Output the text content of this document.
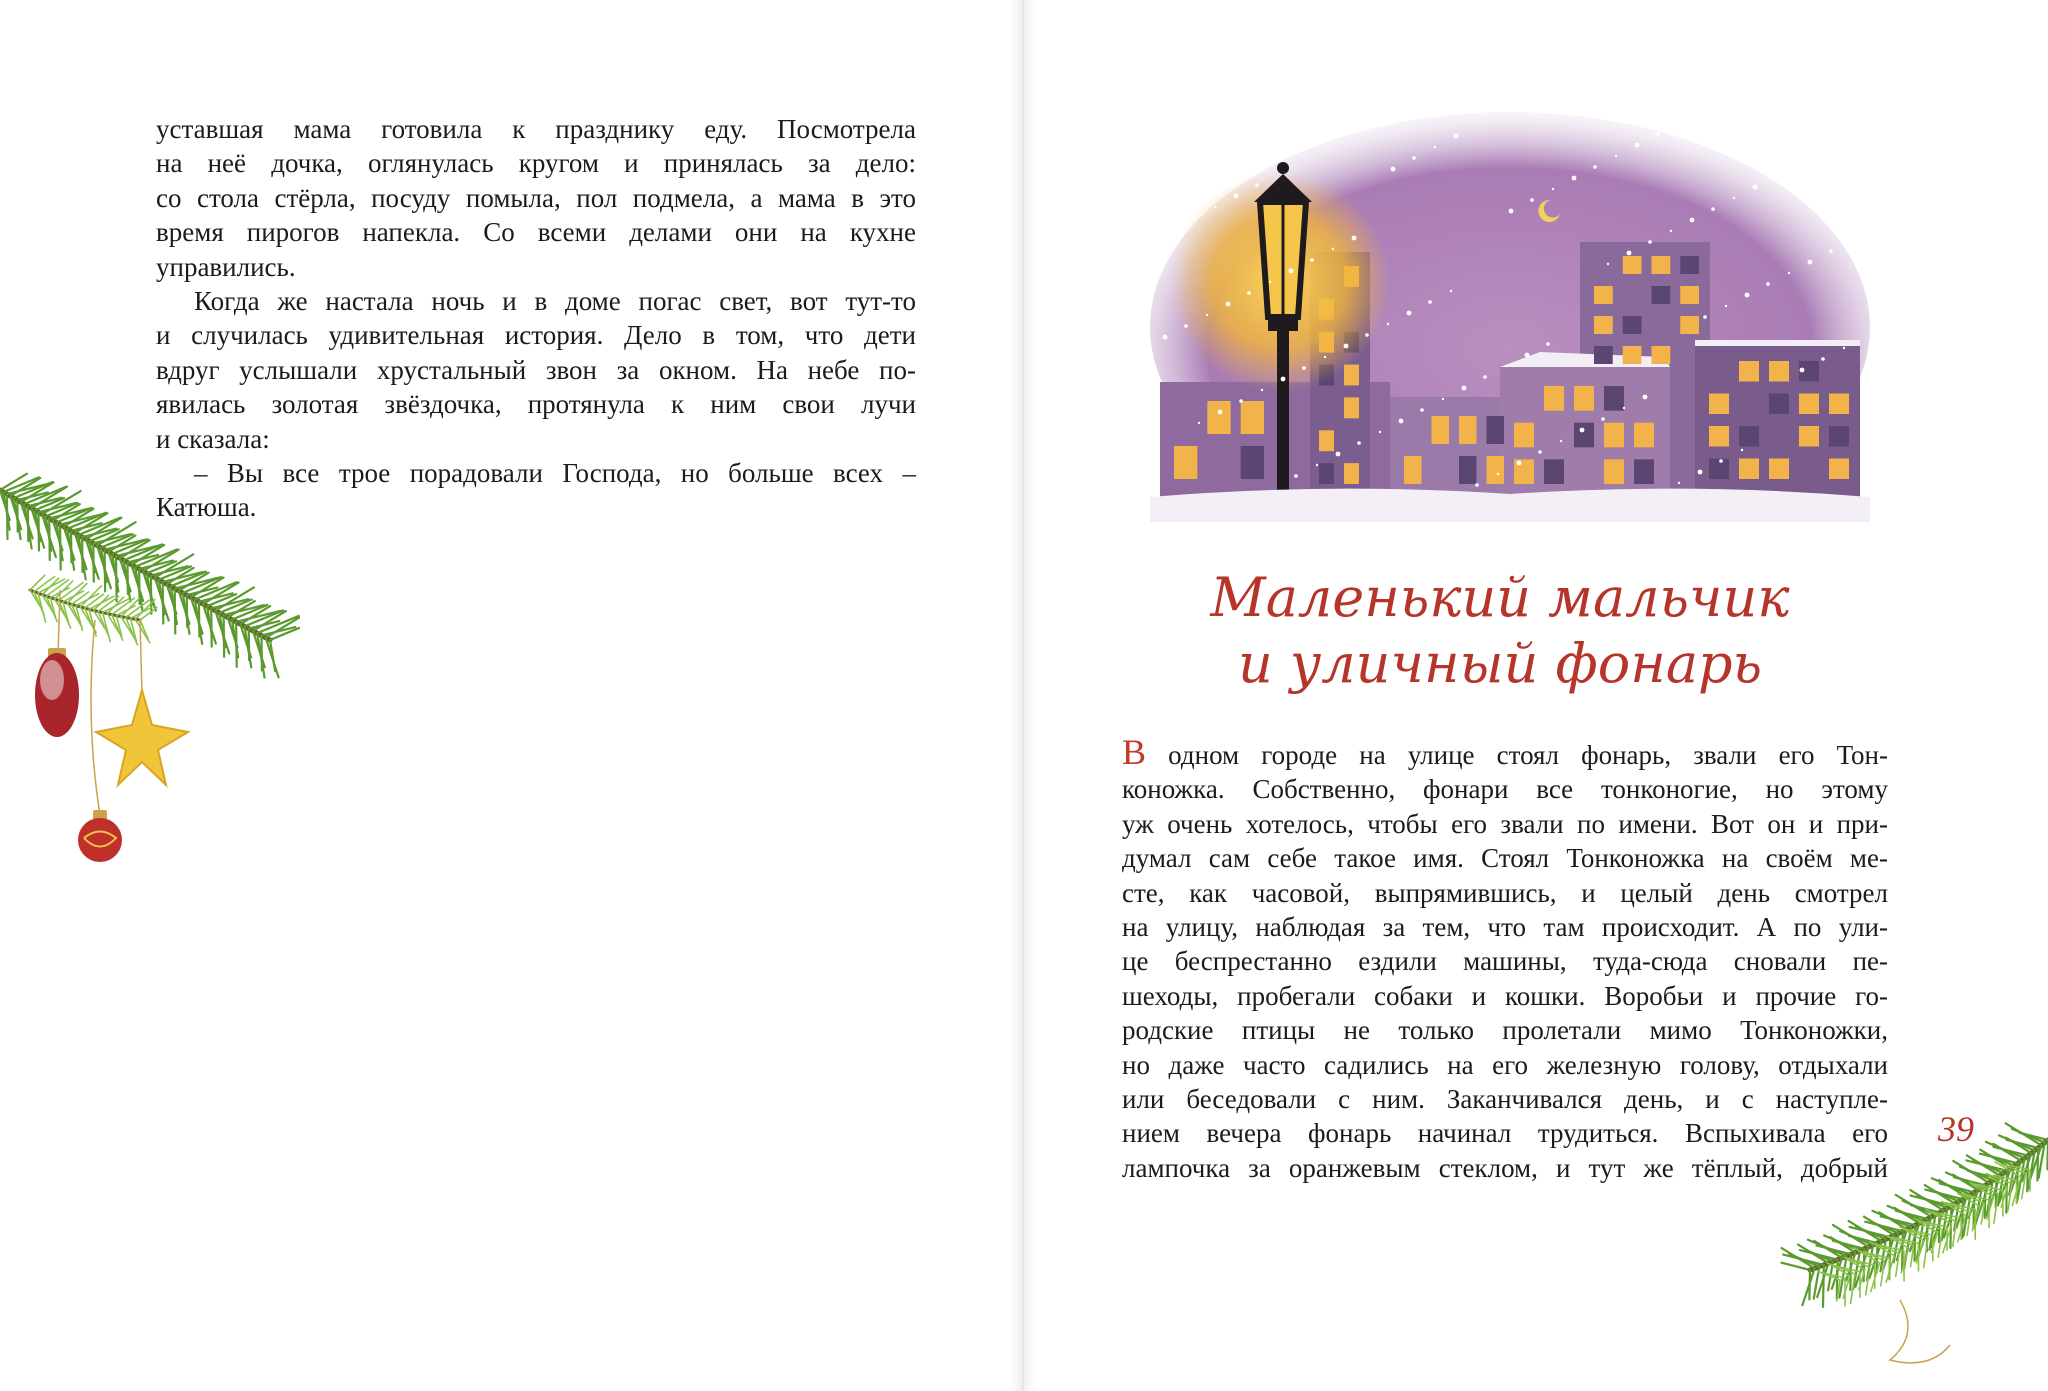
уставшая мама готовила к празднику еду. Посмотрела

на неё дочка, оглянулась кругом и принялась за дело:

со стола стёрла, посуду помыла, пол подмела, а мама в это

время пирогов напекла. Со всеми делами они на кухне

управились.

Когда же настала ночь и в доме погас свет, вот тут-то

и случилась удивительная история. Дело в том, что дети

вдруг услышали хрустальный звон за окном. На небе по-

явилась золотая звёздочка, протянула к ним свои лучи

и сказала:

– Вы все трое порадовали Господа, но больше всех –

Катюша.

Маленький мальчик
и уличный фонарь

В одном городе на улице стоял фонарь, звали его Тон-

коножка. Собственно, фонари все тонконогие, но этому

уж очень хотелось, чтобы его звали по имени. Вот он и при-

думал сам себе такое имя. Стоял Тонконожка на своём ме-

сте, как часовой, выпрямившись, и целый день смотрел

на улицу, наблюдая за тем, что там происходит. А по ули-

це беспрестанно ездили машины, туда-сюда сновали пе-

шеходы, пробегали собаки и кошки. Воробьи и прочие го-

родские птицы не только пролетали мимо Тонконожки,

но даже часто садились на его железную голову, отдыхали

или беседовали с ним. Заканчивался день, и с наступле-

нием вечера фонарь начинал трудиться. Вспыхивала его

лампочка за оранжевым стеклом, и тут же тёплый, добрый

39
